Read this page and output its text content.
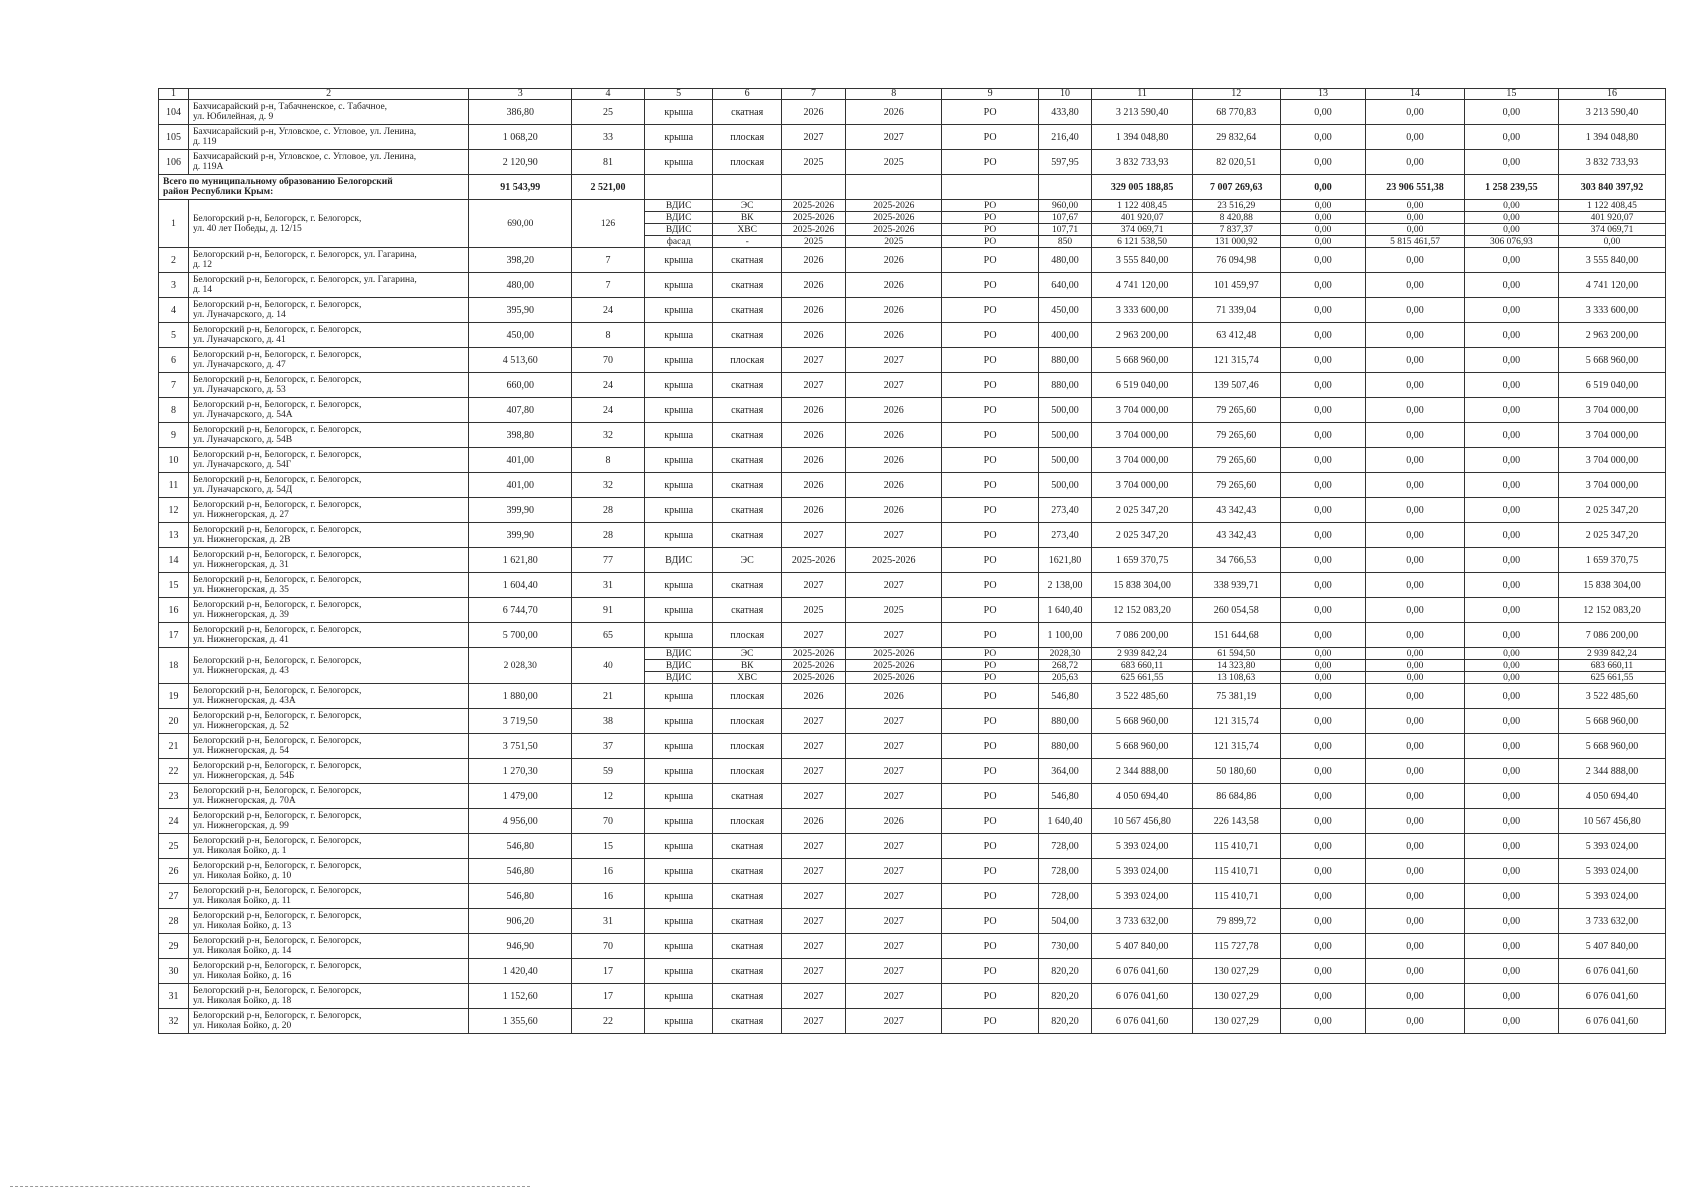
1	2	3	4	5	6	7	8	9	10	11	12	13	14	15	16
104	Бахчисарайский р-н, Табачненское, с. Табачное,
ул. Юбилейная, д. 9	386,80	25	крыша	скатная	2026	2026	РО	433,80	3 213 590,40	68 770,83	0,00	0,00	0,00	3 213 590,40
105	Бахчисарайский р-н, Угловское, с. Угловое, ул. Ленина,
д. 119	1 068,20	33	крыша	плоская	2027	2027	РО	216,40	1 394 048,80	29 832,64	0,00	0,00	0,00	1 394 048,80
106	Бахчисарайский р-н, Угловское, с. Угловое, ул. Ленина,
д. 119А	2 120,90	81	крыша	плоская	2025	2025	РО	597,95	3 832 733,93	82 020,51	0,00	0,00	0,00	3 832 733,93

Всего по муниципальному образованию Белогорский
район Республики Крым:		91 543,99	2 521,00							329 005 188,85	7 007 269,63	0,00	23 906 551,38	1 258 239,55	303 840 397,92
1	Белогорский р-н, Белогорск, г. Белогорск,
ул. 40 лет Победы, д. 12/15	690,00	126	ВДИС	ЭС	2025-2026	2025-2026	РО	960,00	1 122 408,45	23 516,29	0,00	0,00	0,00	1 122 408,45
				ВДИС	ВК	2025-2026	2025-2026	РО	107,67	401 920,07	8 420,88	0,00	0,00	0,00	401 920,07
				ВДИС	ХВС	2025-2026	2025-2026	РО	107,71	374 069,71	7 837,37	0,00	0,00	0,00	374 069,71
				фасад	-	2025	2025	РО	850	6 121 538,50	131 000,92	0,00	5 815 461,57	306 076,93	0,00
2	Белогорский р-н, Белогорск, г. Белогорск, ул. Гагарина,
д. 12	398,20	7	крыша	скатная	2026	2026	РО	480,00	3 555 840,00	76 094,98	0,00	0,00	0,00	3 555 840,00
3	Белогорский р-н, Белогорск, г. Белогорск, ул. Гагарина,
д. 14	480,00	7	крыша	скатная	2026	2026	РО	640,00	4 741 120,00	101 459,97	0,00	0,00	0,00	4 741 120,00
4	Белогорский р-н, Белогорск, г. Белогорск,
ул. Луначарского, д. 14	395,90	24	крыша	скатная	2026	2026	РО	450,00	3 333 600,00	71 339,04	0,00	0,00	0,00	3 333 600,00
5	Белогорский р-н, Белогорск, г. Белогорск,
ул. Луначарского, д. 41	450,00	8	крыша	скатная	2026	2026	РО	400,00	2 963 200,00	63 412,48	0,00	0,00	0,00	2 963 200,00
6	Белогорский р-н, Белогорск, г. Белогорск,
ул. Луначарского, д. 47	4 513,60	70	крыша	плоская	2027	2027	РО	880,00	5 668 960,00	121 315,74	0,00	0,00	0,00	5 668 960,00
7	Белогорский р-н, Белогорск, г. Белогорск,
ул. Луначарского, д. 53	660,00	24	крыша	скатная	2027	2027	РО	880,00	6 519 040,00	139 507,46	0,00	0,00	0,00	6 519 040,00
8	Белогорский р-н, Белогорск, г. Белогорск,
ул. Луначарского, д. 54А	407,80	24	крыша	скатная	2026	2026	РО	500,00	3 704 000,00	79 265,60	0,00	0,00	0,00	3 704 000,00
9	Белогорский р-н, Белогорск, г. Белогорск,
ул. Луначарского, д. 54В	398,80	32	крыша	скатная	2026	2026	РО	500,00	3 704 000,00	79 265,60	0,00	0,00	0,00	3 704 000,00
10	Белогорский р-н, Белогорск, г. Белогорск,
ул. Луначарского, д. 54Г	401,00	8	крыша	скатная	2026	2026	РО	500,00	3 704 000,00	79 265,60	0,00	0,00	0,00	3 704 000,00
11	Белогорский р-н, Белогорск, г. Белогорск,
ул. Луначарского, д. 54Д	401,00	32	крыша	скатная	2026	2026	РО	500,00	3 704 000,00	79 265,60	0,00	0,00	0,00	3 704 000,00
12	Белогорский р-н, Белогорск, г. Белогорск,
ул. Нижнегорская, д. 27	399,90	28	крыша	скатная	2026	2026	РО	273,40	2 025 347,20	43 342,43	0,00	0,00	0,00	2 025 347,20
13	Белогорский р-н, Белогорск, г. Белогорск,
ул. Нижнегорская, д. 2В	399,90	28	крыша	скатная	2027	2027	РО	273,40	2 025 347,20	43 342,43	0,00	0,00	0,00	2 025 347,20
14	Белогорский р-н, Белогорск, г. Белогорск,
ул. Нижнегорская, д. 31	1 621,80	77	ВДИС	ЭС	2025-2026	2025-2026	РО	1621,80	1 659 370,75	34 766,53	0,00	0,00	0,00	1 659 370,75
15	Белогорский р-н, Белогорск, г. Белогорск,
ул. Нижнегорская, д. 35	1 604,40	31	крыша	скатная	2027	2027	РО	2 138,00	15 838 304,00	338 939,71	0,00	0,00	0,00	15 838 304,00
16	Белогорский р-н, Белогорск, г. Белогорск,
ул. Нижнегорская, д. 39	6 744,70	91	крыша	скатная	2025	2025	РО	1 640,40	12 152 083,20	260 054,58	0,00	0,00	0,00	12 152 083,20
17	Белогорский р-н, Белогорск, г. Белогорск,
ул. Нижнегорская, д. 41	5 700,00	65	крыша	плоская	2027	2027	РО	1 100,00	7 086 200,00	151 644,68	0,00	0,00	0,00	7 086 200,00
18	Белогорский р-н, Белогорск, г. Белогорск,
ул. Нижнегорская, д. 43	2 028,30	40	ВДИС	ЭС	2025-2026	2025-2026	РО	2028,30	2 939 842,24	61 594,50	0,00	0,00	0,00	2 939 842,24
				ВДИС	ВК	2025-2026	2025-2026	РО	268,72	683 660,11	14 323,80	0,00	0,00	0,00	683 660,11
				ВДИС	ХВС	2025-2026	2025-2026	РО	205,63	625 661,55	13 108,63	0,00	0,00	0,00	625 661,55
19	Белогорский р-н, Белогорск, г. Белогорск,
ул. Нижнегорская, д. 43А	1 880,00	21	крыша	плоская	2026	2026	РО	546,80	3 522 485,60	75 381,19	0,00	0,00	0,00	3 522 485,60
20	Белогорский р-н, Белогорск, г. Белогорск,
ул. Нижнегорская, д. 52	3 719,50	38	крыша	плоская	2027	2027	РО	880,00	5 668 960,00	121 315,74	0,00	0,00	0,00	5 668 960,00
21	Белогорский р-н, Белогорск, г. Белогорск,
ул. Нижнегорская, д. 54	3 751,50	37	крыша	плоская	2027	2027	РО	880,00	5 668 960,00	121 315,74	0,00	0,00	0,00	5 668 960,00
22	Белогорский р-н, Белогорск, г. Белогорск,
ул. Нижнегорская, д. 54Б	1 270,30	59	крыша	плоская	2027	2027	РО	364,00	2 344 888,00	50 180,60	0,00	0,00	0,00	2 344 888,00
23	Белогорский р-н, Белогорск, г. Белогорск,
ул. Нижнегорская, д. 70А	1 479,00	12	крыша	скатная	2027	2027	РО	546,80	4 050 694,40	86 684,86	0,00	0,00	0,00	4 050 694,40
24	Белогорский р-н, Белогорск, г. Белогорск,
ул. Нижнегорская, д. 99	4 956,00	70	крыша	плоская	2026	2026	РО	1 640,40	10 567 456,80	226 143,58	0,00	0,00	0,00	10 567 456,80
25	Белогорский р-н, Белогорск, г. Белогорск,
ул. Николая Бойко, д. 1	546,80	15	крыша	скатная	2027	2027	РО	728,00	5 393 024,00	115 410,71	0,00	0,00	0,00	5 393 024,00
26	Белогорский р-н, Белогорск, г. Белогорск,
ул. Николая Бойко, д. 10	546,80	16	крыша	скатная	2027	2027	РО	728,00	5 393 024,00	115 410,71	0,00	0,00	0,00	5 393 024,00
27	Белогорский р-н, Белогорск, г. Белогорск,
ул. Николая Бойко, д. 11	546,80	16	крыша	скатная	2027	2027	РО	728,00	5 393 024,00	115 410,71	0,00	0,00	0,00	5 393 024,00
28	Белогорский р-н, Белогорск, г. Белогорск,
ул. Николая Бойко, д. 13	906,20	31	крыша	скатная	2027	2027	РО	504,00	3 733 632,00	79 899,72	0,00	0,00	0,00	3 733 632,00
29	Белогорский р-н, Белогорск, г. Белогорск,
ул. Николая Бойко, д. 14	946,90	70	крыша	скатная	2027	2027	РО	730,00	5 407 840,00	115 727,78	0,00	0,00	0,00	5 407 840,00
30	Белогорский р-н, Белогорск, г. Белогорск,
ул. Николая Бойко, д. 16	1 420,40	17	крыша	скатная	2027	2027	РО	820,20	6 076 041,60	130 027,29	0,00	0,00	0,00	6 076 041,60
31	Белогорский р-н, Белогорск, г. Белогорск,
ул. Николая Бойко, д. 18	1 152,60	17	крыша	скатная	2027	2027	РО	820,20	6 076 041,60	130 027,29	0,00	0,00	0,00	6 076 041,60
32	Белогорский р-н, Белогорск, г. Белогорск,
ул. Николая Бойко, д. 20	1 355,60	22	крыша	скатная	2027	2027	РО	820,20	6 076 041,60	130 027,29	0,00	0,00	0,00	6 076 041,60
